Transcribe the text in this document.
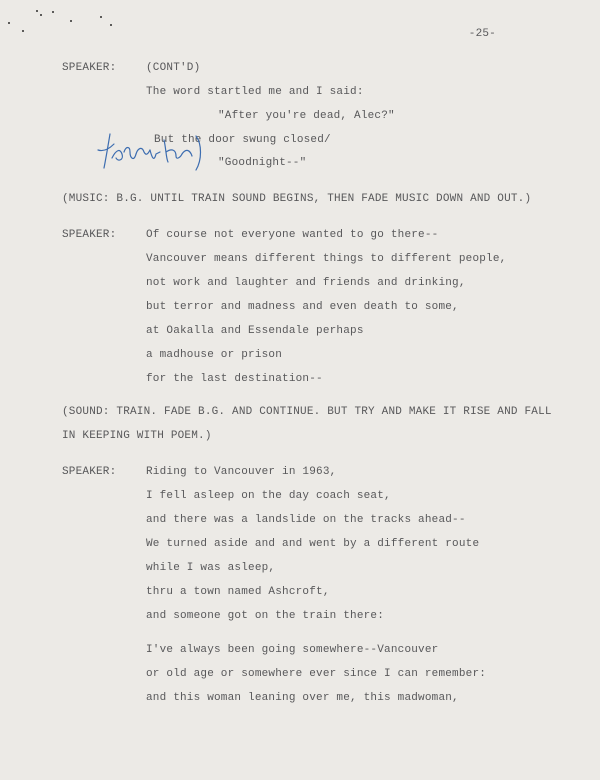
-25-

SPEAKER:	(CONT'D)

The word startled me and I said:

"After you're dead, Alec?"

But the door swung closed/

"Goodnight--"

Kilmynd Kim

(MUSIC: B.G. UNTIL TRAIN SOUND BEGINS, THEN FADE MUSIC DOWN AND OUT.)

SPEAKER:	Of course not everyone wanted to go there--

Vancouver means different things to different people,

not work and laughter and friends and drinking,

but terror and madness and even death to some,

at Oakalla and Essendale perhaps

a madhouse or prison

for the last destination--

(SOUND: TRAIN. FADE B.G. AND CONTINUE. BUT TRY AND MAKE IT RISE AND FALL

IN KEEPING WITH POEM.)

SPEAKER:	Riding to Vancouver in 1963,

I fell asleep on the day coach seat,

and there was a landslide on the tracks ahead--

We turned aside and and went by a different route

while I was asleep,

thru a town named Ashcroft,

and someone got on the train there:

I've always been going somewhere--Vancouver

or old age or somewhere ever since I can remember:

and this woman leaning over me, this madwoman,
